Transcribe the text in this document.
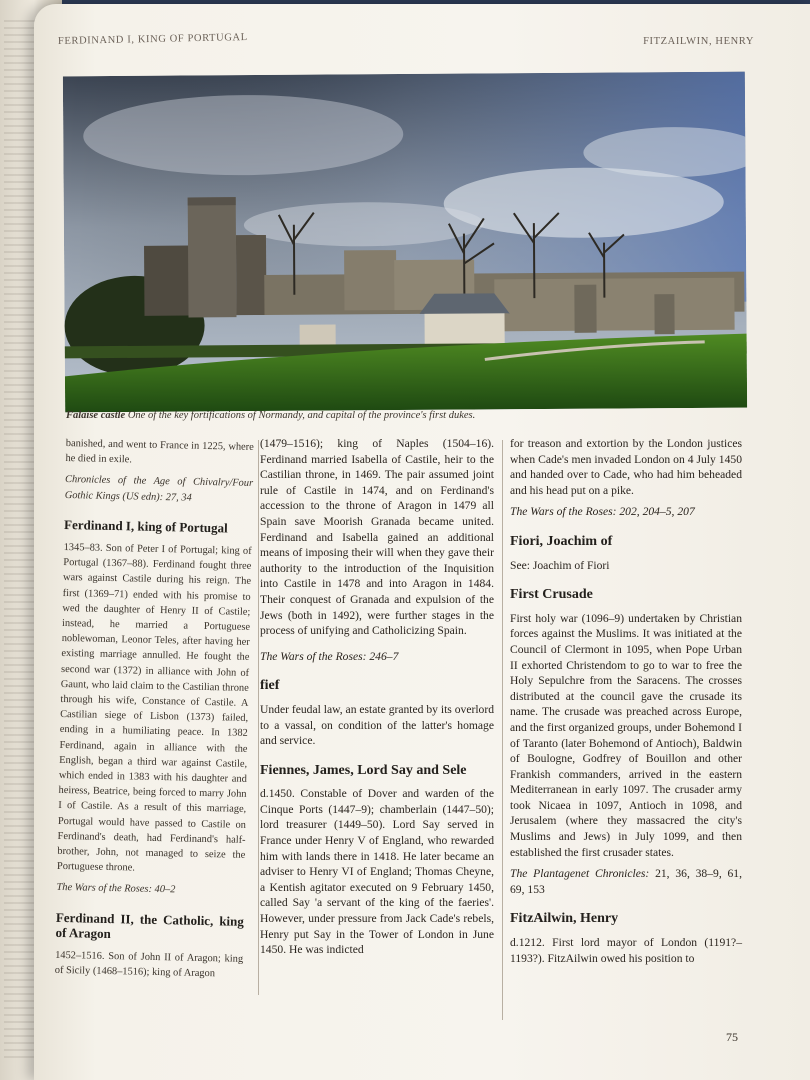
FERDINAND I, KING OF PORTUGAL	FITZAILWIN, HENRY
Falaise castle One of the key fortifications of Normandy, and capital of the province's first dukes.

banished, and went to France in 1225, where he died in exile.

Chronicles of the Age of Chivalry/Four Gothic Kings (US edn): 27, 34

Ferdinand I, king of Portugal

1345–83. Son of Peter I of Portugal; king of Portugal (1367–88). Ferdinand fought three wars against Castile during his reign. The first (1369–71) ended with his promise to wed the daughter of Henry II of Castile; instead, he married a Portuguese noblewoman, Leonor Teles, after having her existing marriage annulled. He fought the second war (1372) in alliance with John of Gaunt, who laid claim to the Castilian throne through his wife, Constance of Castile. A Castilian siege of Lisbon (1373) failed, ending in a humiliating peace. In 1382 Ferdinand, again in alliance with the English, began a third war against Castile, which ended in 1383 with his daughter and heiress, Beatrice, being forced to marry John I of Castile. As a result of this marriage, Portugal would have passed to Castile on Ferdinand's death, had Ferdinand's half-brother, John, not managed to seize the Portuguese throne.

The Wars of the Roses: 40–2

Ferdinand II, the Catholic, king of Aragon

1452–1516. Son of John II of Aragon; king of Sicily (1468–1516); king of Aragon

(1479–1516); king of Naples (1504–16). Ferdinand married Isabella of Castile, heir to the Castilian throne, in 1469. The pair assumed joint rule of Castile in 1474, and on Ferdinand's accession to the throne of Aragon in 1479 all Spain save Moorish Granada became united. Ferdinand and Isabella gained an additional means of imposing their will when they gave their authority to the introduction of the Inquisition into Castile in 1478 and into Aragon in 1484. Their conquest of Granada and expulsion of the Jews (both in 1492), were further stages in the process of unifying and Catholicizing Spain.

The Wars of the Roses: 246–7

fief

Under feudal law, an estate granted by its overlord to a vassal, on condition of the latter's homage and service.

Fiennes, James, Lord Say and Sele

d.1450. Constable of Dover and warden of the Cinque Ports (1447–9); chamberlain (1447–50); lord treasurer (1449–50). Lord Say served in France under Henry V of England, who rewarded him with lands there in 1418. He later became an adviser to Henry VI of England; Thomas Cheyne, a Kentish agitator executed on 9 February 1450, called Say 'a servant of the king of the faeries'. However, under pressure from Jack Cade's rebels, Henry put Say in the Tower of London in June 1450. He was indicted

for treason and extortion by the London justices when Cade's men invaded London on 4 July 1450 and handed over to Cade, who had him beheaded and his head put on a pike.

The Wars of the Roses: 202, 204–5, 207

Fiori, Joachim of

See: Joachim of Fiori

First Crusade

First holy war (1096–9) undertaken by Christian forces against the Muslims. It was initiated at the Council of Clermont in 1095, when Pope Urban II exhorted Christendom to go to war to free the Holy Sepulchre from the Saracens. The crosses distributed at the council gave the crusade its name. The crusade was preached across Europe, and the first organized groups, under Bohemond I of Taranto (later Bohemond of Antioch), Baldwin of Boulogne, Godfrey of Bouillon and other Frankish commanders, arrived in the eastern Mediterranean in early 1097. The crusader army took Nicaea in 1097, Antioch in 1098, and Jerusalem (where they massacred the city's Muslims and Jews) in July 1099, and then established the first crusader states.

The Plantagenet Chronicles: 21, 36, 38–9, 61, 69, 153

FitzAilwin, Henry

d.1212. First lord mayor of London (1191?–1193?). FitzAilwin owed his position to

75
